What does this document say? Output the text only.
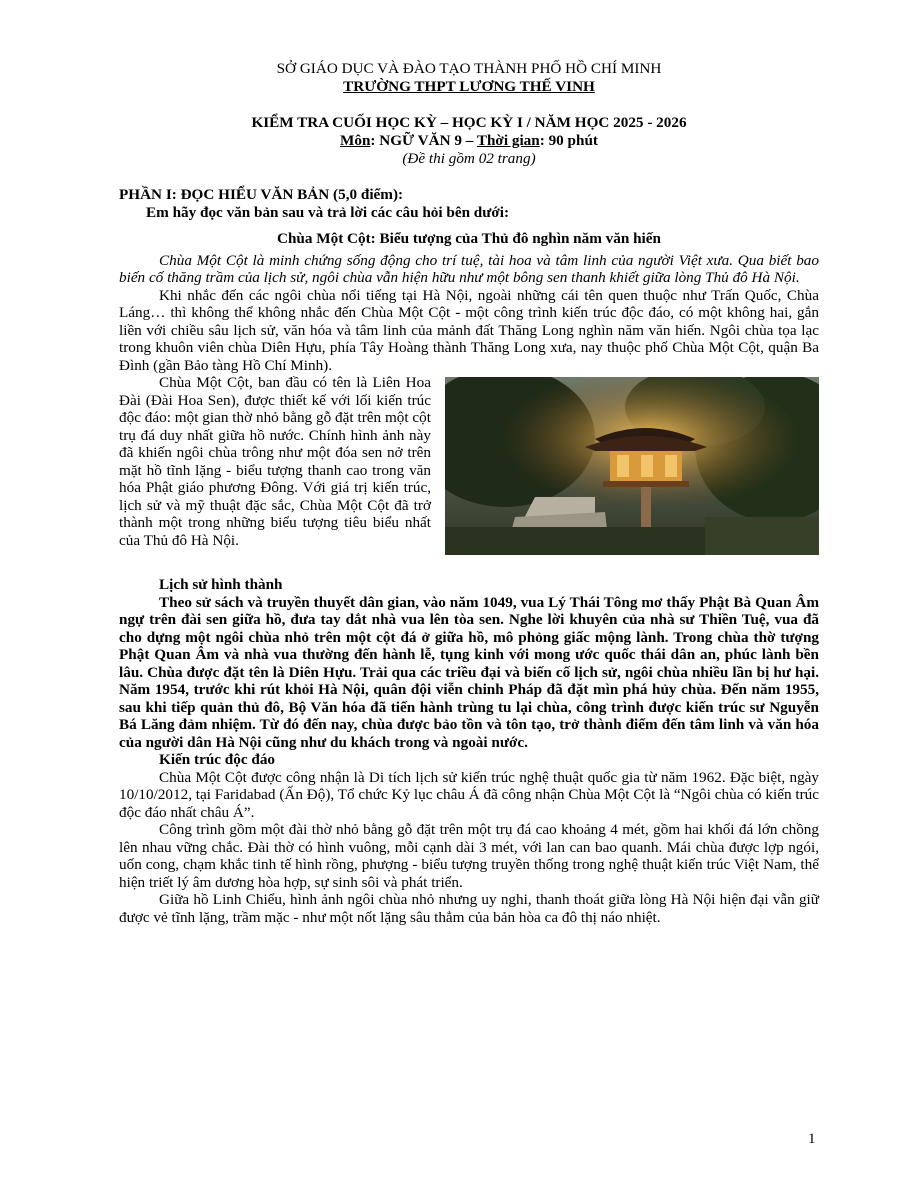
SỞ GIÁO DỤC VÀ ĐÀO TẠO THÀNH PHỐ HỒ CHÍ MINH
TRƯỜNG THPT LƯƠNG THẾ VINH
KIỂM TRA CUỐI HỌC KỲ – HỌC KỲ I / NĂM HỌC 2025 - 2026
Môn: NGỮ VĂN 9 – Thời gian: 90 phút
(Đề thi gồm 02 trang)
PHẦN I: ĐỌC HIỂU VĂN BẢN (5,0 điểm):
Em hãy đọc văn bản sau và trả lời các câu hỏi bên dưới:
Chùa Một Cột: Biểu tượng của Thủ đô nghìn năm văn hiến

Chùa Một Cột là minh chứng sống động cho trí tuệ, tài hoa và tâm linh của người Việt xưa. Qua biết bao biến cố thăng trầm của lịch sử, ngôi chùa vẫn hiện hữu như một bông sen thanh khiết giữa lòng Thủ đô Hà Nội.

Khi nhắc đến các ngôi chùa nổi tiếng tại Hà Nội, ngoài những cái tên quen thuộc như Trấn Quốc, Chùa Láng… thì không thể không nhắc đến Chùa Một Cột - một công trình kiến trúc độc đáo, có một không hai, gắn liền với chiều sâu lịch sử, văn hóa và tâm linh của mảnh đất Thăng Long nghìn năm văn hiến. Ngôi chùa tọa lạc trong khuôn viên chùa Diên Hựu, phía Tây Hoàng thành Thăng Long xưa, nay thuộc phố Chùa Một Cột, quận Ba Đình (gần Bảo tàng Hồ Chí Minh).

Chùa Một Cột, ban đầu có tên là Liên Hoa Đài (Đài Hoa Sen), được thiết kế với lối kiến trúc độc đáo: một gian thờ nhỏ bằng gỗ đặt trên một cột trụ đá duy nhất giữa hồ nước. Chính hình ảnh này đã khiến ngôi chùa trông như một đóa sen nở trên mặt hồ tĩnh lặng - biểu tượng thanh cao trong văn hóa Phật giáo phương Đông. Với giá trị kiến trúc, lịch sử và mỹ thuật đặc sắc, Chùa Một Cột đã trở thành một trong những biểu tượng tiêu biểu nhất của Thủ đô Hà Nội.

Lịch sử hình thành

Theo sử sách và truyền thuyết dân gian, vào năm 1049, vua Lý Thái Tông mơ thấy Phật Bà Quan Âm ngự trên đài sen giữa hồ, đưa tay dắt nhà vua lên tòa sen. Nghe lời khuyên của nhà sư Thiền Tuệ, vua đã cho dựng một ngôi chùa nhỏ trên một cột đá ở giữa hồ, mô phỏng giấc mộng lành. Trong chùa thờ tượng Phật Quan Âm và nhà vua thường đến hành lễ, tụng kinh với mong ước quốc thái dân an, phúc lành bền lâu. Chùa được đặt tên là Diên Hựu. Trải qua các triều đại và biến cố lịch sử, ngôi chùa nhiều lần bị hư hại. Năm 1954, trước khi rút khỏi Hà Nội, quân đội viễn chinh Pháp đã đặt mìn phá hủy chùa. Đến năm 1955, sau khi tiếp quản thủ đô, Bộ Văn hóa đã tiến hành trùng tu lại chùa, công trình được kiến trúc sư Nguyễn Bá Lăng đảm nhiệm. Từ đó đến nay, chùa được bảo tồn và tôn tạo, trở thành điểm đến tâm linh và văn hóa của người dân Hà Nội cũng như du khách trong và ngoài nước.

Kiến trúc độc đáo

Chùa Một Cột được công nhận là Di tích lịch sử kiến trúc nghệ thuật quốc gia từ năm 1962. Đặc biệt, ngày 10/10/2012, tại Faridabad (Ấn Độ), Tổ chức Kỷ lục châu Á đã công nhận Chùa Một Cột là “Ngôi chùa có kiến trúc độc đáo nhất châu Á”.

Công trình gồm một đài thờ nhỏ bằng gỗ đặt trên một trụ đá cao khoảng 4 mét, gồm hai khối đá lớn chồng lên nhau vững chắc. Đài thờ có hình vuông, mỗi cạnh dài 3 mét, với lan can bao quanh. Mái chùa được lợp ngói, uốn cong, chạm khắc tinh tế hình rồng, phượng - biểu tượng truyền thống trong nghệ thuật kiến trúc Việt Nam, thể hiện triết lý âm dương hòa hợp, sự sinh sôi và phát triển.

Giữa hồ Linh Chiểu, hình ảnh ngôi chùa nhỏ nhưng uy nghi, thanh thoát giữa lòng Hà Nội hiện đại vẫn giữ được vẻ tĩnh lặng, trầm mặc - như một nốt lặng sâu thẳm của bản hòa ca đô thị náo nhiệt.

1
